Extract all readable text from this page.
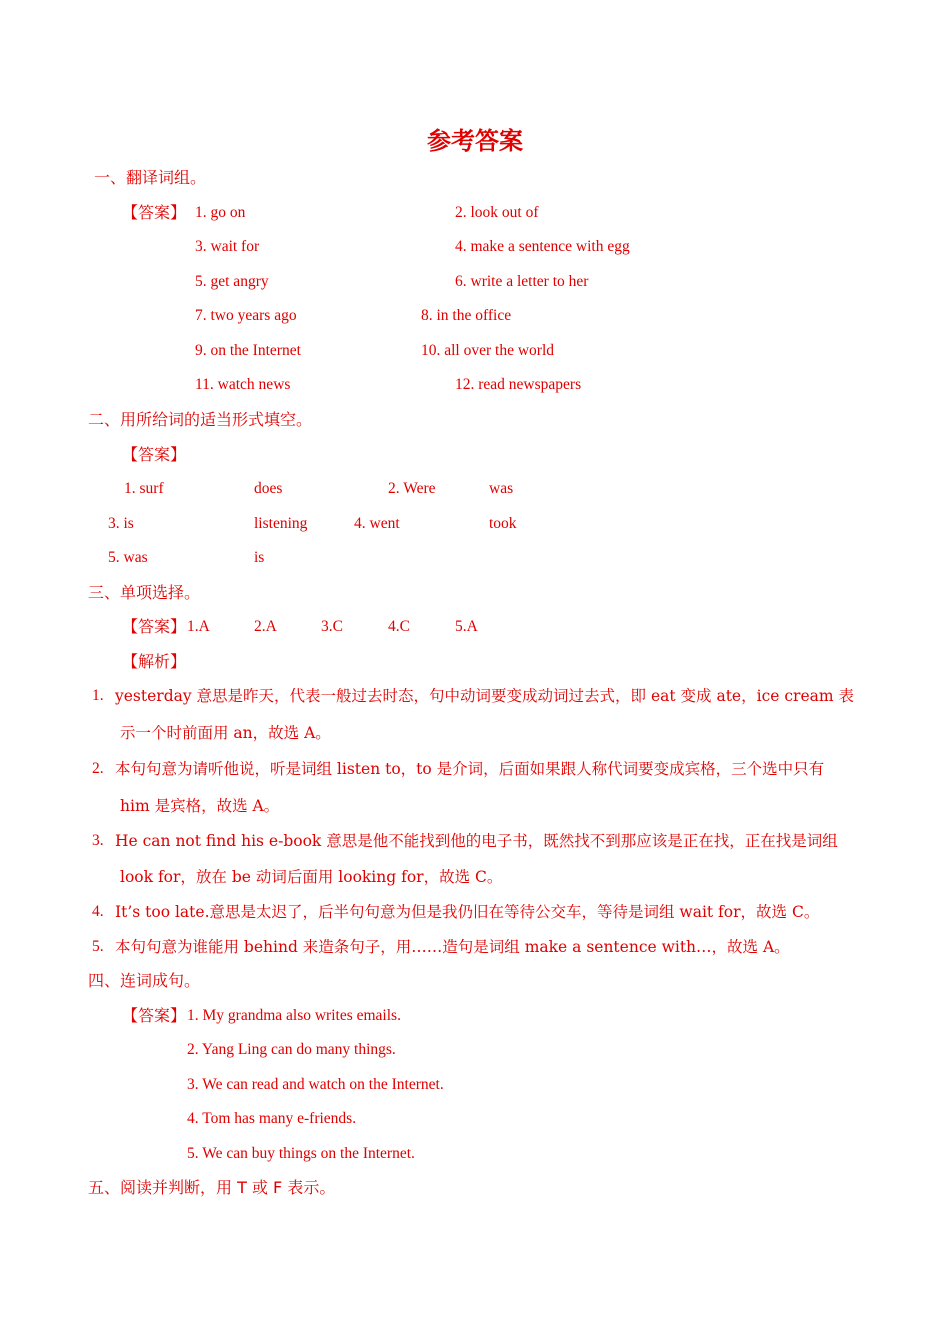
参考答案
一、翻译词组。
【答案】 1. go on	2. look out of
3. wait for	4. make a sentence with egg
5. get angry	6. write a letter to her
7. two years ago	8. in the office
9. on the Internet	10. all over the world
11. watch news	12. read newspapers
二、用所给词的适当形式填空。
【答案】
1. surf	does	2. Were	was
3. is	listening	4. went	took
5. was	is
三、单项选择。
【答案】 1.A	2.A	3.C	4.C	5.A
【解析】
1. yesterday 意思是昨天，代表一般过去时态，句中动词要变成动词过去式，即 eat 变成 ate，ice cream 表
示一个时前面用 an，故选 A。
2. 本句句意为请听他说，听是词组 listen to，to 是介词，后面如果跟人称代词要变成宾格，三个选中只有
him 是宾格，故选 A。
3. He can not find his e-book 意思是他不能找到他的电子书，既然找不到那应该是正在找，正在找是词组
look for，放在 be 动词后面用 looking for，故选 C。
4. It’s too late.意思是太迟了，后半句句意为但是我仍旧在等待公交车，等待是词组 wait for，故选 C。
5. 本句句意为谁能用 behind 来造条句子，用……造句是词组 make a sentence with…，故选 A。
四、连词成句。
【答案】 1. My grandma also writes emails.
2. Yang Ling can do many things.
3. We can read and watch on the Internet.
4. Tom has many e-friends.
5. We can buy things on the Internet.
五、阅读并判断，用 T 或 F 表示。
